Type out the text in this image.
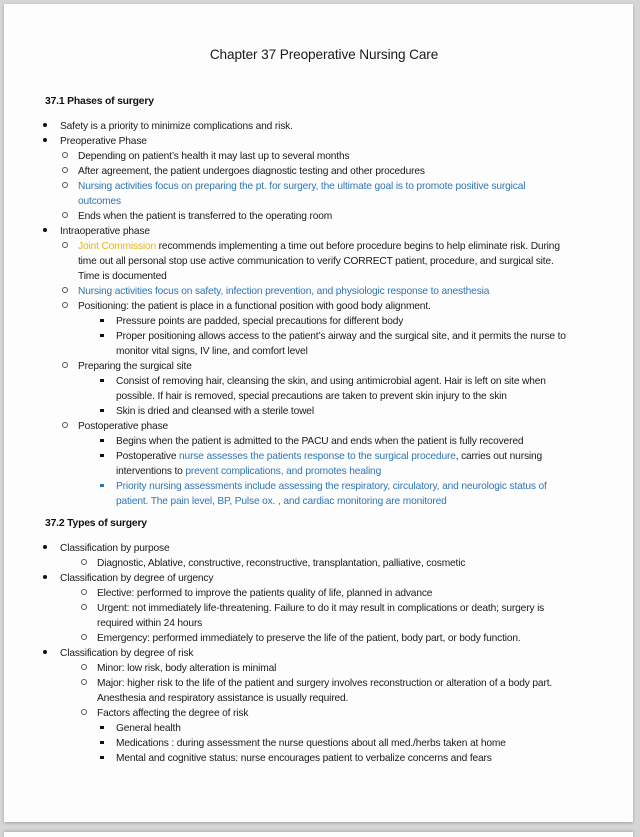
Chapter 37 Preoperative Nursing Care
37.1 Phases of surgery
Safety is a priority to minimize complications and risk.
Preoperative Phase
Depending on patient’s health it may last up to several months
After agreement, the patient undergoes diagnostic testing and other procedures
Nursing activities focus on preparing the pt. for surgery, the ultimate goal is to promote positive surgical
outcomes
Ends when the patient is transferred to the operating room
Intraoperative phase
Joint Commission recommends implementing a time out before procedure begins to help eliminate risk. During
time out all personal stop use active communication to verify CORRECT patient, procedure, and surgical site.
Time is documented
Nursing activities focus on safety, infection prevention, and physiologic response to anesthesia
Positioning: the patient is place in a functional position with good body alignment.
Pressure points are padded, special precautions for different body
Proper positioning allows access to the patient’s airway and the surgical site, and it permits the nurse to
monitor vital signs, IV line, and comfort level
Preparing the surgical site
Consist of removing hair, cleansing the skin, and using antimicrobial agent. Hair is left on site when
possible. If hair is removed, special precautions are taken to prevent skin injury to the skin
Skin is dried and cleansed with a sterile towel
Postoperative phase
Begins when the patient is admitted to the PACU and ends when the patient is fully recovered
Postoperative nurse assesses the patients response to the surgical procedure, carries out nursing
interventions to prevent complications, and promotes healing
Priority nursing assessments include assessing the respiratory, circulatory, and neurologic status of
patient. The pain level, BP, Pulse ox. , and cardiac monitoring are monitored
37.2 Types of surgery
Classification by purpose
Diagnostic, Ablative, constructive, reconstructive, transplantation, palliative, cosmetic
Classification by degree of urgency
Elective: performed to improve the patients quality of life, planned in advance
Urgent: not immediately life-threatening. Failure to do it may result in complications or death; surgery is
required within 24 hours
Emergency: performed immediately to preserve the life of the patient, body part, or body function.
Classification by degree of risk
Minor: low risk, body alteration is minimal
Major: higher risk to the life of the patient and surgery involves reconstruction or alteration of a body part.
Anesthesia and respiratory assistance is usually required.
Factors affecting the degree of risk
General health
Medications : during assessment the nurse questions about all med./herbs taken at home
Mental and cognitive status: nurse encourages patient to verbalize concerns and fears
